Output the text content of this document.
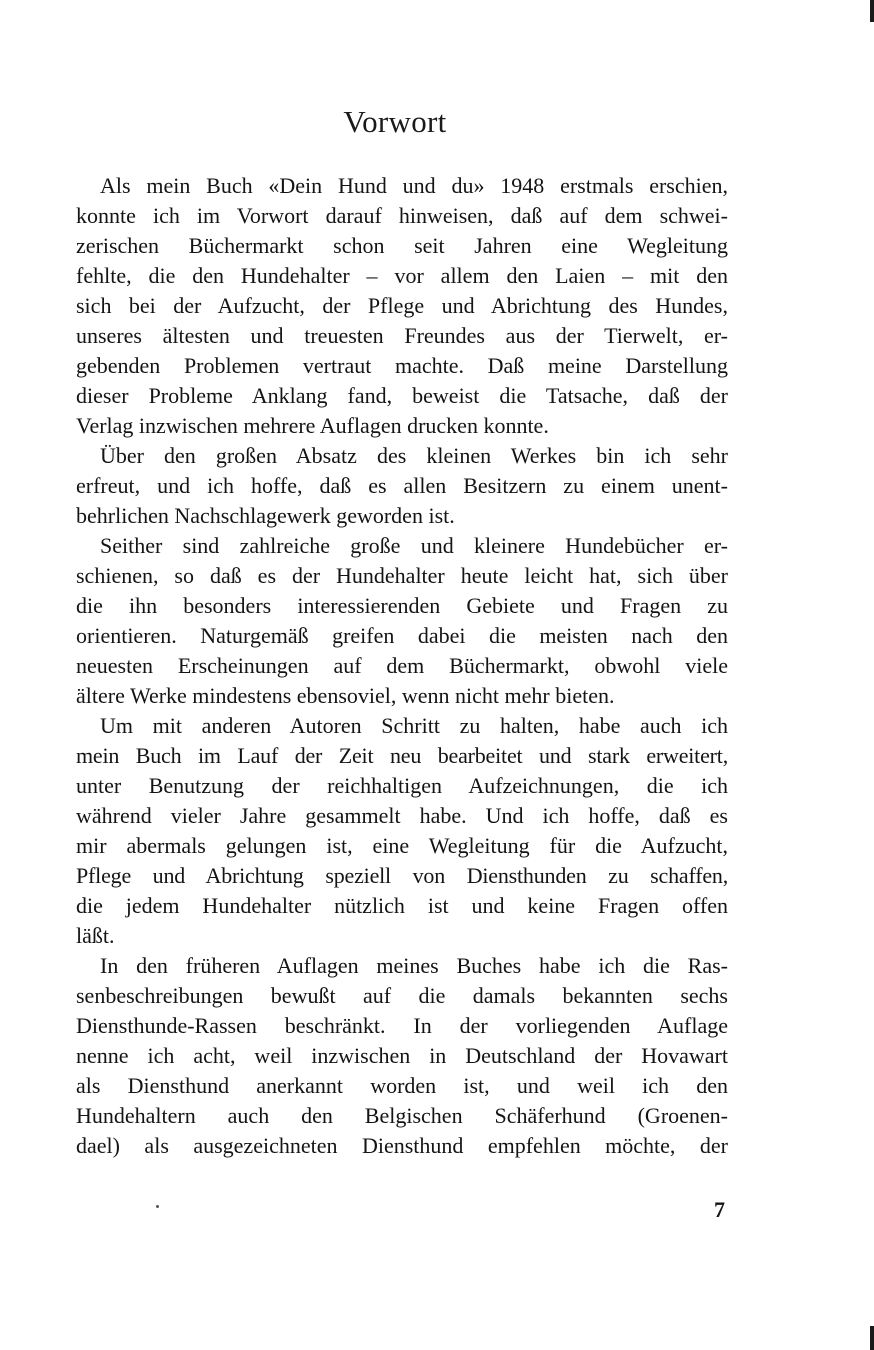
Vorwort
Als mein Buch «Dein Hund und du» 1948 erstmals erschien,
konnte ich im Vorwort darauf hinweisen, daß auf dem schwei-
zerischen Büchermarkt schon seit Jahren eine Wegleitung
fehlte, die den Hundehalter – vor allem den Laien – mit den
sich bei der Aufzucht, der Pflege und Abrichtung des Hundes,
unseres ältesten und treuesten Freundes aus der Tierwelt, er-
gebenden Problemen vertraut machte. Daß meine Darstellung
dieser Probleme Anklang fand, beweist die Tatsache, daß der
Verlag inzwischen mehrere Auflagen drucken konnte.
Über den großen Absatz des kleinen Werkes bin ich sehr
erfreut, und ich hoffe, daß es allen Besitzern zu einem unent-
behrlichen Nachschlagewerk geworden ist.
Seither sind zahlreiche große und kleinere Hundebücher er-
schienen, so daß es der Hundehalter heute leicht hat, sich über
die ihn besonders interessierenden Gebiete und Fragen zu
orientieren. Naturgemäß greifen dabei die meisten nach den
neuesten Erscheinungen auf dem Büchermarkt, obwohl viele
ältere Werke mindestens ebensoviel, wenn nicht mehr bieten.
Um mit anderen Autoren Schritt zu halten, habe auch ich
mein Buch im Lauf der Zeit neu bearbeitet und stark erweitert,
unter Benutzung der reichhaltigen Aufzeichnungen, die ich
während vieler Jahre gesammelt habe. Und ich hoffe, daß es
mir abermals gelungen ist, eine Wegleitung für die Aufzucht,
Pflege und Abrichtung speziell von Diensthunden zu schaffen,
die jedem Hundehalter nützlich ist und keine Fragen offen
läßt.
In den früheren Auflagen meines Buches habe ich die Ras-
senbeschreibungen bewußt auf die damals bekannten sechs
Diensthunde-Rassen beschränkt. In der vorliegenden Auflage
nenne ich acht, weil inzwischen in Deutschland der Hovawart
als Diensthund anerkannt worden ist, und weil ich den
Hundehaltern auch den Belgischen Schäferhund (Groenen-
dael) als ausgezeichneten Diensthund empfehlen möchte, der
7
